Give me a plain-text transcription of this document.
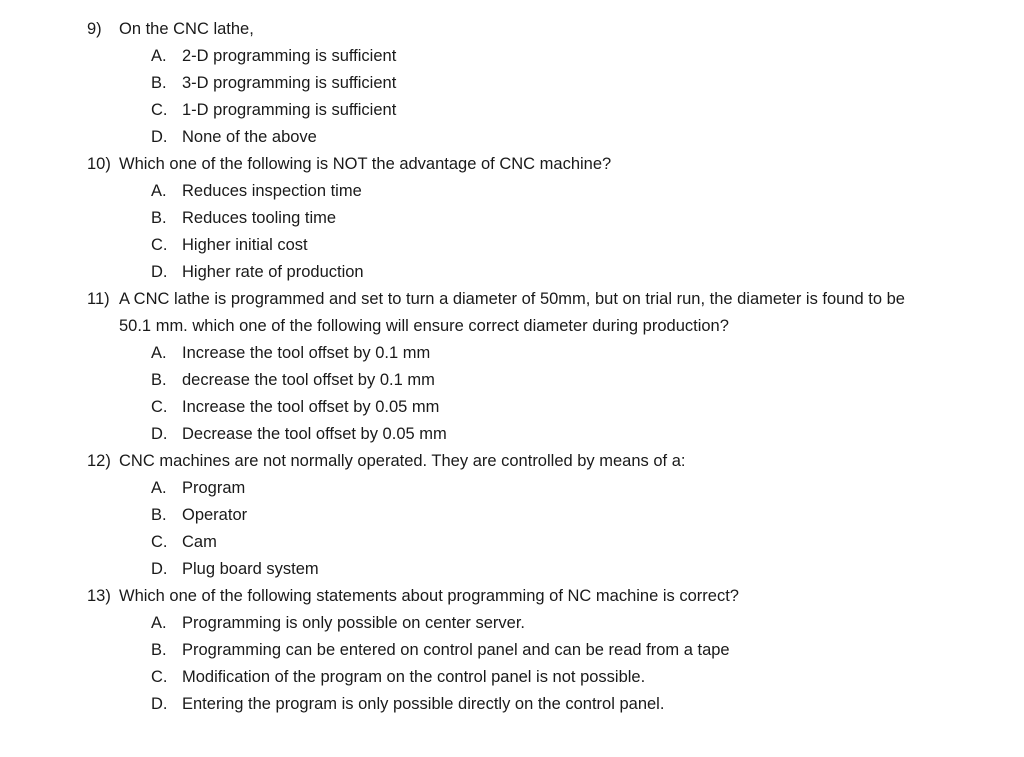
9) On the CNC lathe,
A. 2-D programming is sufficient
B. 3-D programming is sufficient
C. 1-D programming is sufficient
D. None of the above
10) Which one of the following is NOT the advantage of CNC machine?
A. Reduces inspection time
B. Reduces tooling time
C. Higher initial cost
D. Higher rate of production
11) A CNC lathe is programmed and set to turn a diameter of 50mm, but on trial run, the diameter is found to be
50.1 mm. which one of the following will ensure correct diameter during production?
A. Increase the tool offset by 0.1 mm
B. decrease the tool offset by 0.1 mm
C. Increase the tool offset by 0.05 mm
D. Decrease the tool offset by 0.05 mm
12) CNC machines are not normally operated. They are controlled by means of a:
A. Program
B. Operator
C. Cam
D. Plug board system
13) Which one of the following statements about programming of NC machine is correct?
A. Programming is only possible on center server.
B. Programming can be entered on control panel and can be read from a tape
C. Modification of the program on the control panel is not possible.
D. Entering the program is only possible directly on the control panel.
